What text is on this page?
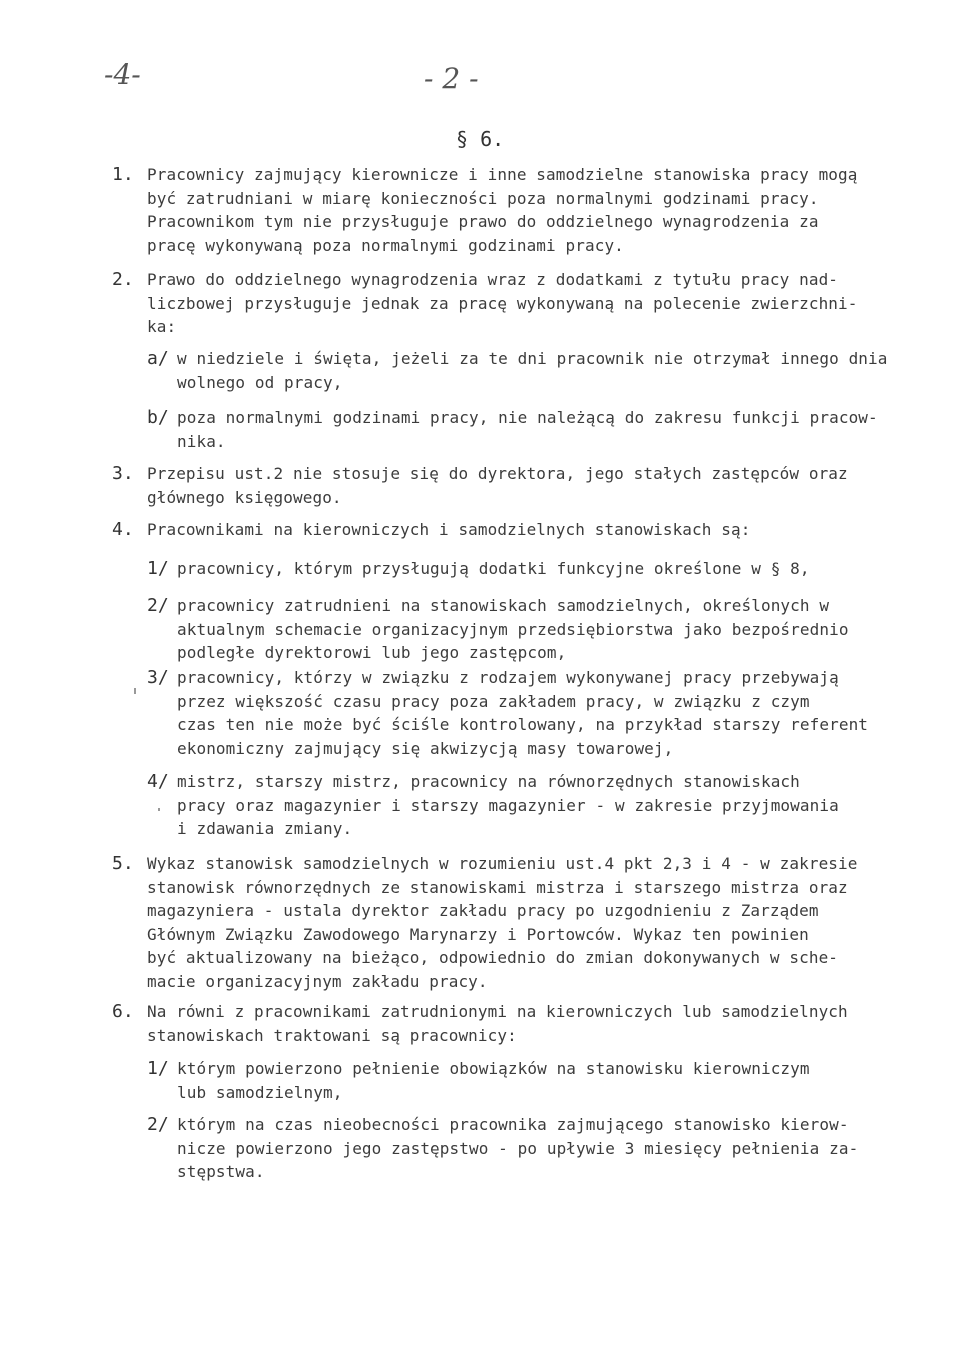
-4-	- 2 -
§ 6.
1. Pracownicy zajmujący kierownicze i inne samodzielne stanowiska pracy mogą
być zatrudniani w miarę konieczności poza normalnymi godzinami pracy.
Pracownikom tym nie przysługuje prawo do oddzielnego wynagrodzenia za
pracę wykonywaną poza normalnymi godzinami pracy.
2. Prawo do oddzielnego wynagrodzenia wraz z dodatkami z tytułu pracy nad-
liczbowej przysługuje jednak za pracę wykonywaną na polecenie zwierzchni-
ka:
a/ w niedziele i święta, jeżeli za te dni pracownik nie otrzymał innego dnia
wolnego od pracy,
b/ poza normalnymi godzinami pracy, nie należącą do zakresu funkcji pracow-
nika.
3. Przepisu ust.2 nie stosuje się do dyrektora, jego stałych zastępców oraz
głównego księgowego.
4. Pracownikami na kierowniczych i samodzielnych stanowiskach są:
1/ pracownicy, którym przysługują dodatki funkcyjne określone w § 8,
2/ pracownicy zatrudnieni na stanowiskach samodzielnych, określonych w
aktualnym schemacie organizacyjnym przedsiębiorstwa jako bezpośrednio
podległe dyrektorowi lub jego zastępcom,
3/ pracownicy, którzy w związku z rodzajem wykonywanej pracy przebywają
przez większość czasu pracy poza zakładem pracy, w związku z czym
czas ten nie może być ściśle kontrolowany, na przykład starszy referent
ekonomiczny zajmujący się akwizycją masy towarowej,
4/ mistrz, starszy mistrz, pracownicy na równorzędnych stanowiskach
pracy oraz magazynier i starszy magazynier - w zakresie przyjmowania
i zdawania zmiany.
5. Wykaz stanowisk samodzielnych w rozumieniu ust.4 pkt 2,3 i 4 - w zakresie
stanowisk równorzędnych ze stanowiskami mistrza i starszego mistrza oraz
magazyniera - ustala dyrektor zakładu pracy po uzgodnieniu z Zarządem
Głównym Związku Zawodowego Marynarzy i Portowców. Wykaz ten powinien
być aktualizowany na bieżąco, odpowiednio do zmian dokonywanych w sche-
macie organizacyjnym zakładu pracy.
6. Na równi z pracownikami zatrudnionymi na kierowniczych lub samodzielnych
stanowiskach traktowani są pracownicy:
1/ którym powierzono pełnienie obowiązków na stanowisku kierowniczym
lub samodzielnym,
2/ którym na czas nieobecności pracownika zajmującego stanowisko kierow-
nicze powierzono jego zastępstwo - po upływie 3 miesięcy pełnienia za-
stępstwa.
